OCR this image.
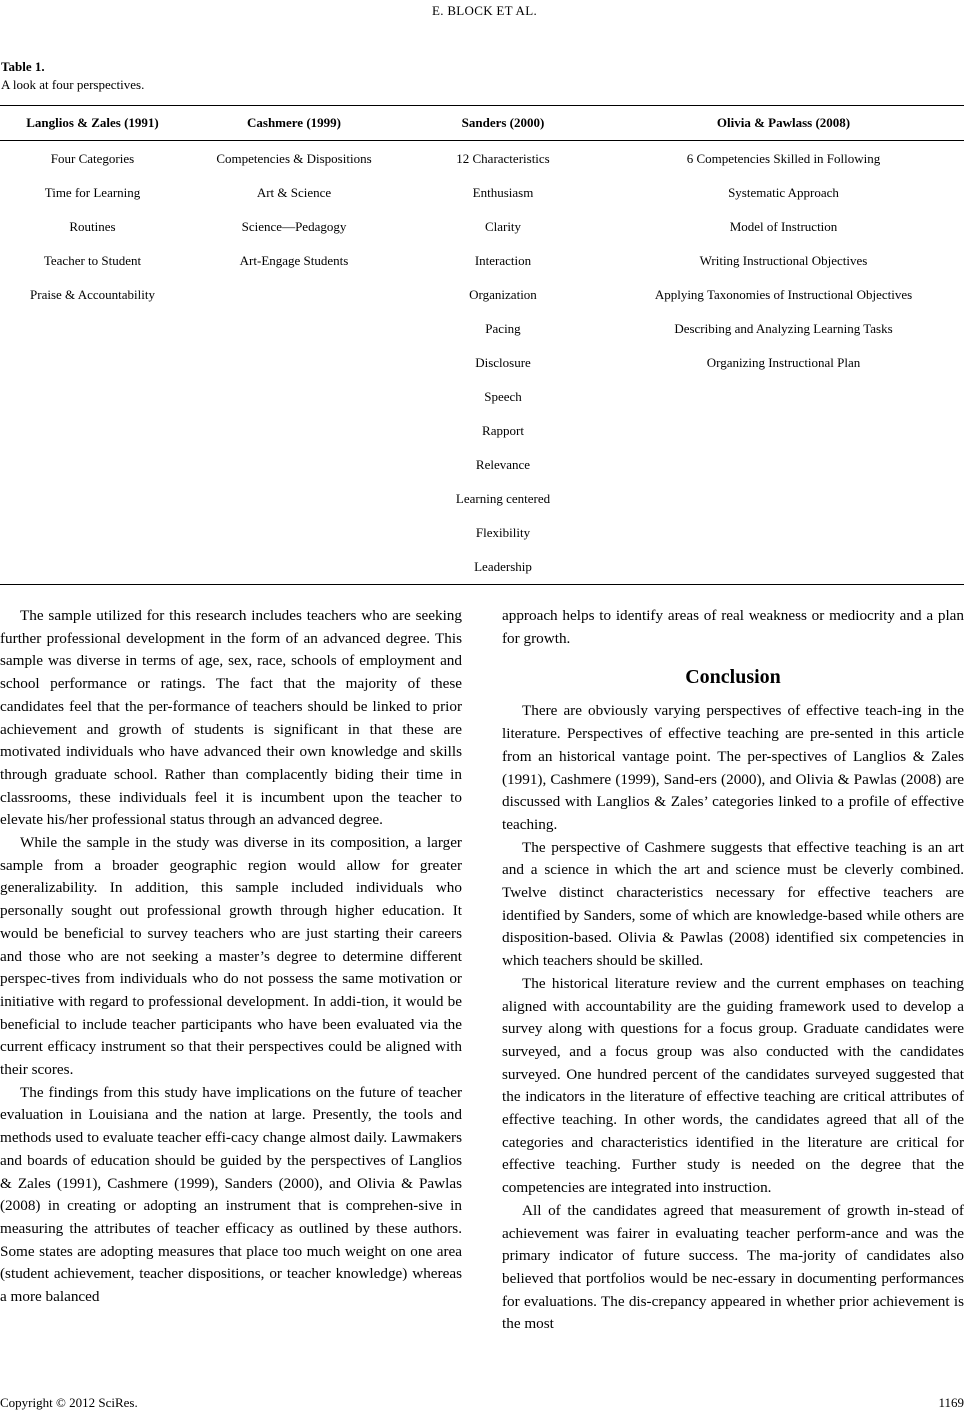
E. BLOCK ET AL.
Table 1.
A look at four perspectives.
Langlios & Zales (1991)	Cashmere (1999)	Sanders (2000)	Olivia & Pawlass (2008)
Four Categories	Competencies & Dispositions	12 Characteristics	6 Competencies Skilled in Following
Time for Learning	Art & Science	Enthusiasm	Systematic Approach
Routines	Science—Pedagogy	Clarity	Model of Instruction
Teacher to Student	Art-Engage Students	Interaction	Writing Instructional Objectives
Praise & Accountability		Organization	Applying Taxonomies of Instructional Objectives
		Pacing	Describing and Analyzing Learning Tasks
		Disclosure	Organizing Instructional Plan
		Speech	
		Rapport	
		Relevance	
		Learning centered	
		Flexibility	
		Leadership	

The sample utilized for this research includes teachers who are seeking further professional development in the form of an advanced degree. This sample was diverse in terms of age, sex, race, schools of employment and school performance or ratings. The fact that the majority of these candidates feel that the per-formance of teachers should be linked to prior achievement and growth of students is significant in that these are motivated individuals who have advanced their own knowledge and skills through graduate school. Rather than complacently biding their time in classrooms, these individuals feel it is incumbent upon the teacher to elevate his/her professional status through an advanced degree.

While the sample in the study was diverse in its composition, a larger sample from a broader geographic region would allow for greater generalizability. In addition, this sample included individuals who personally sought out professional growth through higher education. It would be beneficial to survey teachers who are just starting their careers and those who are not seeking a master’s degree to determine different perspec-tives from individuals who do not possess the same motivation or initiative with regard to professional development. In addi-tion, it would be beneficial to include teacher participants who have been evaluated via the current efficacy instrument so that their perspectives could be aligned with their scores.

The findings from this study have implications on the future of teacher evaluation in Louisiana and the nation at large. Presently, the tools and methods used to evaluate teacher effi-cacy change almost daily. Lawmakers and boards of education should be guided by the perspectives of Langlios & Zales (1991), Cashmere (1999), Sanders (2000), and Olivia & Pawlas (2008) in creating or adopting an instrument that is comprehen-sive in measuring the attributes of teacher efficacy as outlined by these authors. Some states are adopting measures that place too much weight on one area (student achievement, teacher dispositions, or teacher knowledge) whereas a more balanced

approach helps to identify areas of real weakness or mediocrity and a plan for growth.

Conclusion

There are obviously varying perspectives of effective teach-ing in the literature. Perspectives of effective teaching are pre-sented in this article from an historical vantage point. The per-spectives of Langlios & Zales (1991), Cashmere (1999), Sand-ers (2000), and Olivia & Pawlas (2008) are discussed with Langlios & Zales’ categories linked to a profile of effective teaching.

The perspective of Cashmere suggests that effective teaching is an art and a science in which the art and science must be cleverly combined. Twelve distinct characteristics necessary for effective teachers are identified by Sanders, some of which are knowledge-based while others are disposition-based. Olivia & Pawlas (2008) identified six competencies in which teachers should be skilled.

The historical literature review and the current emphases on teaching aligned with accountability are the guiding framework used to develop a survey along with questions for a focus group. Graduate candidates were surveyed, and a focus group was also conducted with the candidates surveyed. One hundred percent of the candidates surveyed suggested that the indicators in the literature of effective teaching are critical attributes of effective teaching. In other words, the candidates agreed that all of the categories and characteristics identified in the literature are critical for effective teaching. Further study is needed on the degree that the competencies are integrated into instruction.

All of the candidates agreed that measurement of growth in-stead of achievement was fairer in evaluating teacher perform-ance and was the primary indicator of future success. The ma-jority of candidates also believed that portfolios would be nec-essary in documenting performances for evaluations. The dis-crepancy appeared in whether prior achievement is the most

Copyright © 2012 SciRes.	1169
